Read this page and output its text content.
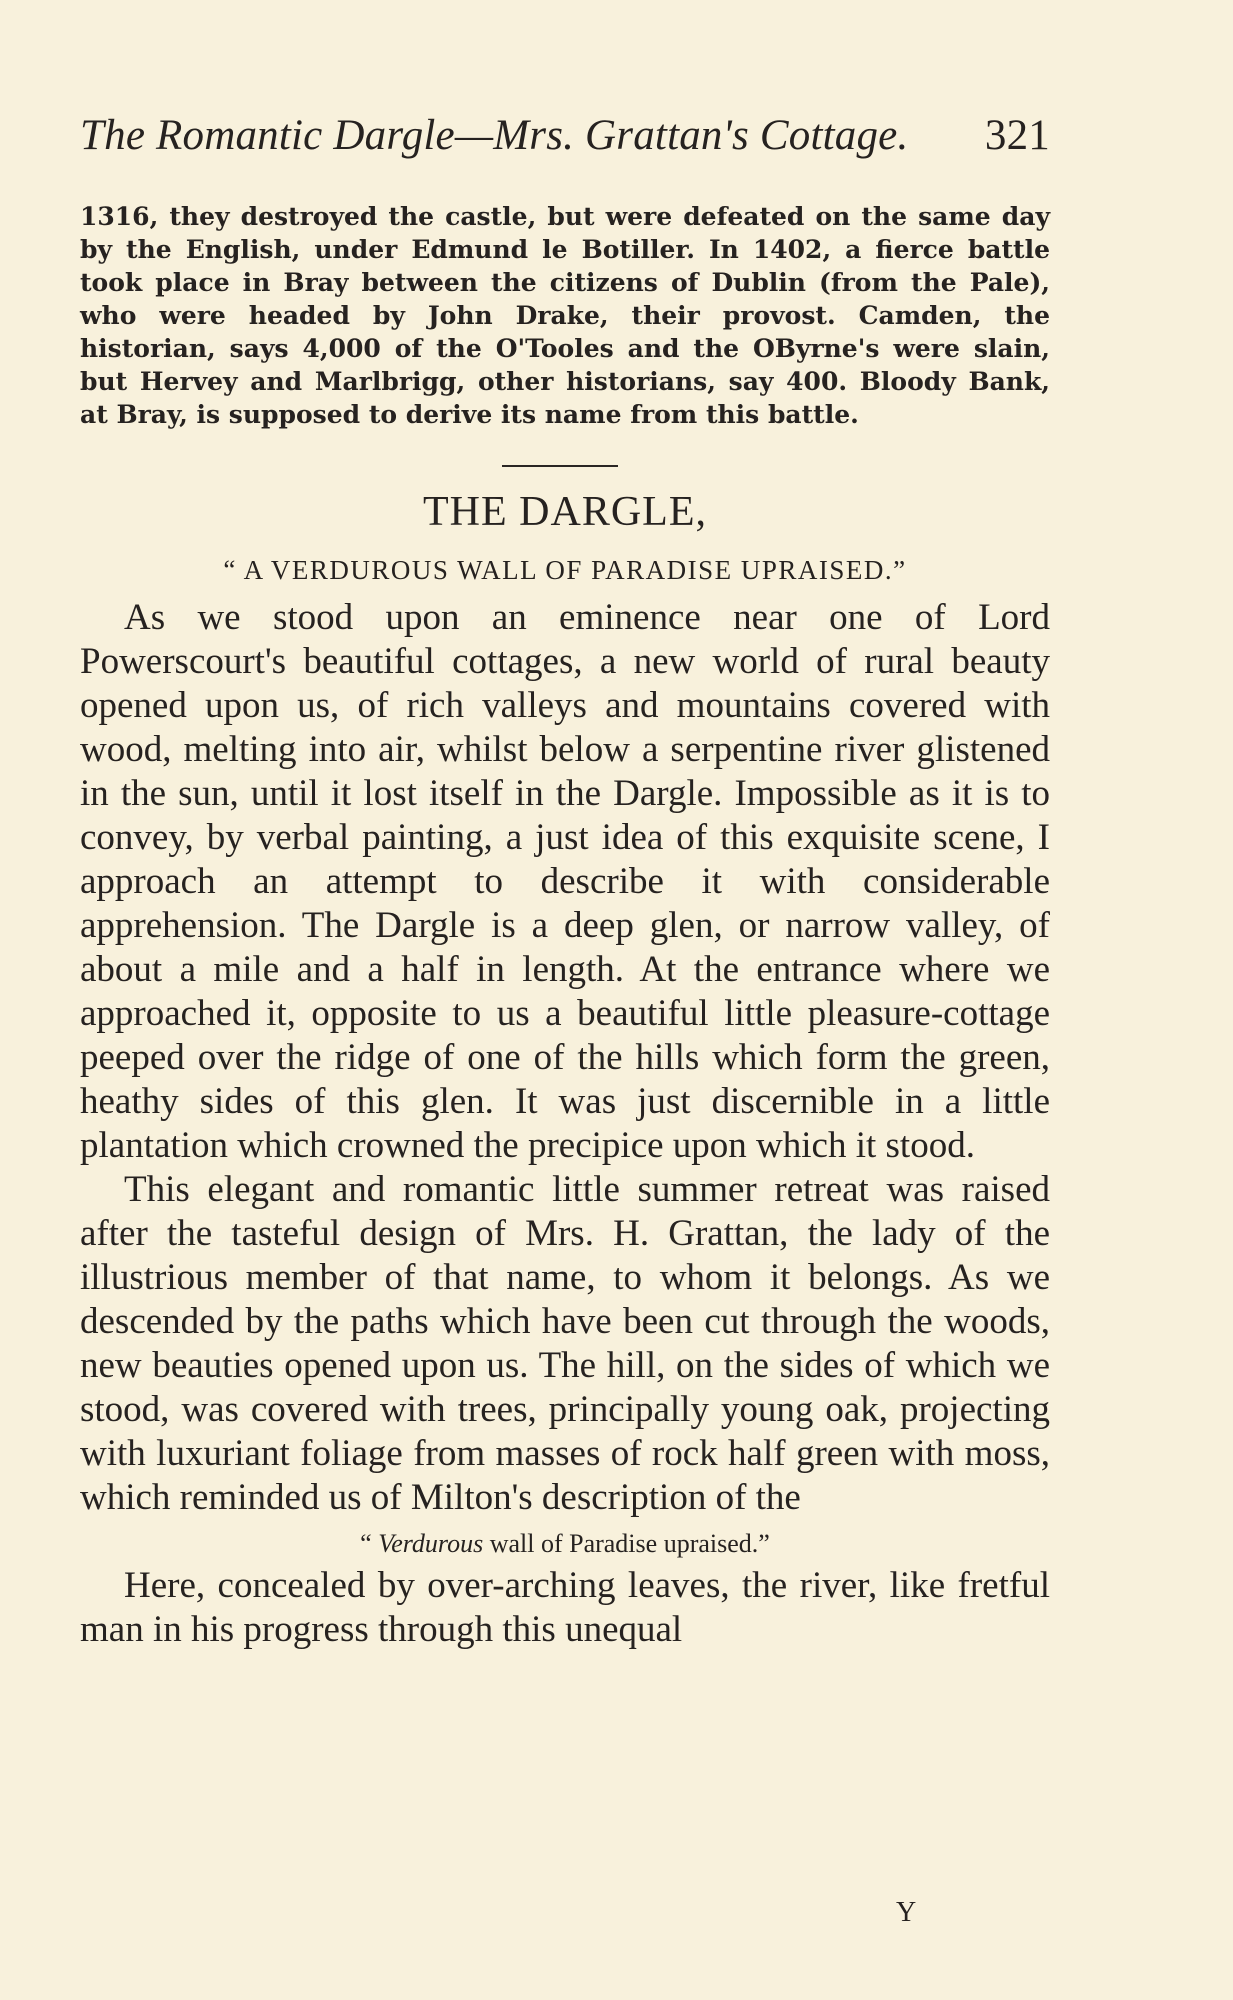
The Romantic Dargle—Mrs. Grattan's Cottage. 321

1316, they destroyed the castle, but were defeated on the same day by the English, under Edmund le Botiller. In 1402, a fierce battle took place in Bray between the citizens of Dublin (from the Pale), who were headed by John Drake, their provost. Camden, the historian, says 4,000 of the O'Tooles and the OByrne's were slain, but Hervey and Marlbrigg, other historians, say 400. Bloody Bank, at Bray, is supposed to derive its name from this battle.

THE DARGLE,
“ A VERDUROUS WALL OF PARADISE UPRAISED.”

As we stood upon an eminence near one of Lord Powerscourt's beautiful cottages, a new world of rural beauty opened upon us, of rich valleys and mountains covered with wood, melting into air, whilst below a serpentine river glistened in the sun, until it lost itself in the Dargle. Impossible as it is to convey, by verbal painting, a just idea of this exquisite scene, I approach an attempt to describe it with considerable apprehension. The Dargle is a deep glen, or narrow valley, of about a mile and a half in length. At the entrance where we approached it, opposite to us a beautiful little pleasure-cottage peeped over the ridge of one of the hills which form the green, heathy sides of this glen. It was just discernible in a little plantation which crowned the precipice upon which it stood.

This elegant and romantic little summer retreat was raised after the tasteful design of Mrs. H. Grattan, the lady of the illustrious member of that name, to whom it belongs. As we descended by the paths which have been cut through the woods, new beauties opened upon us. The hill, on the sides of which we stood, was covered with trees, principally young oak, projecting with luxuriant foliage from masses of rock half green with moss, which reminded us of Milton's description of the

“ Verdurous wall of Paradise upraised.”

Here, concealed by over-arching leaves, the river, like fretful man in his progress through this unequal

Y
